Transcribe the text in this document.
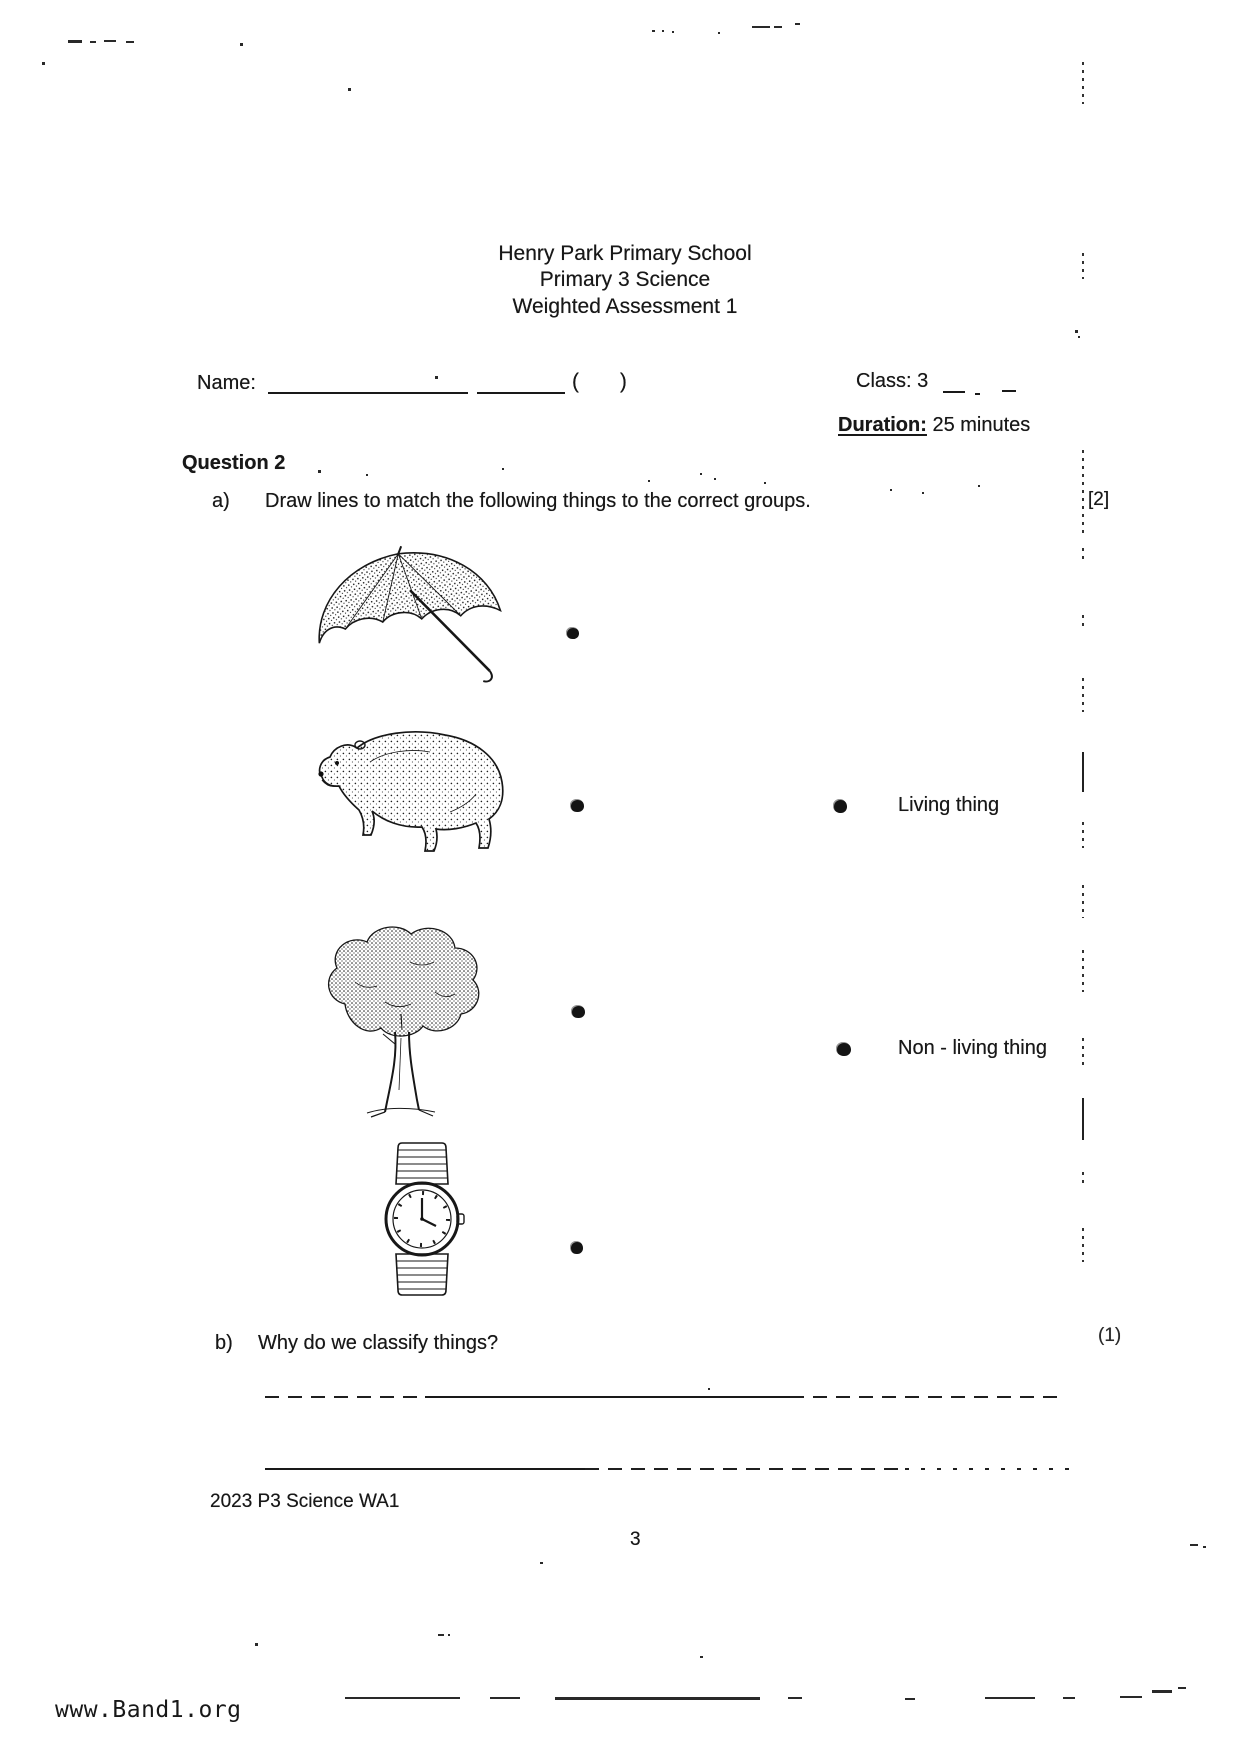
Henry Park Primary School
Primary 3 Science
Weighted Assessment 1
Name:	(       )	Class: 3
Duration: 25 minutes
Question 2
a) Draw lines to match the following things to the correct groups.	[2]
Living thing
Non - living thing
b) Why do we classify things?	(1)
2023 P3 Science WA1
3
www.Band1.org
